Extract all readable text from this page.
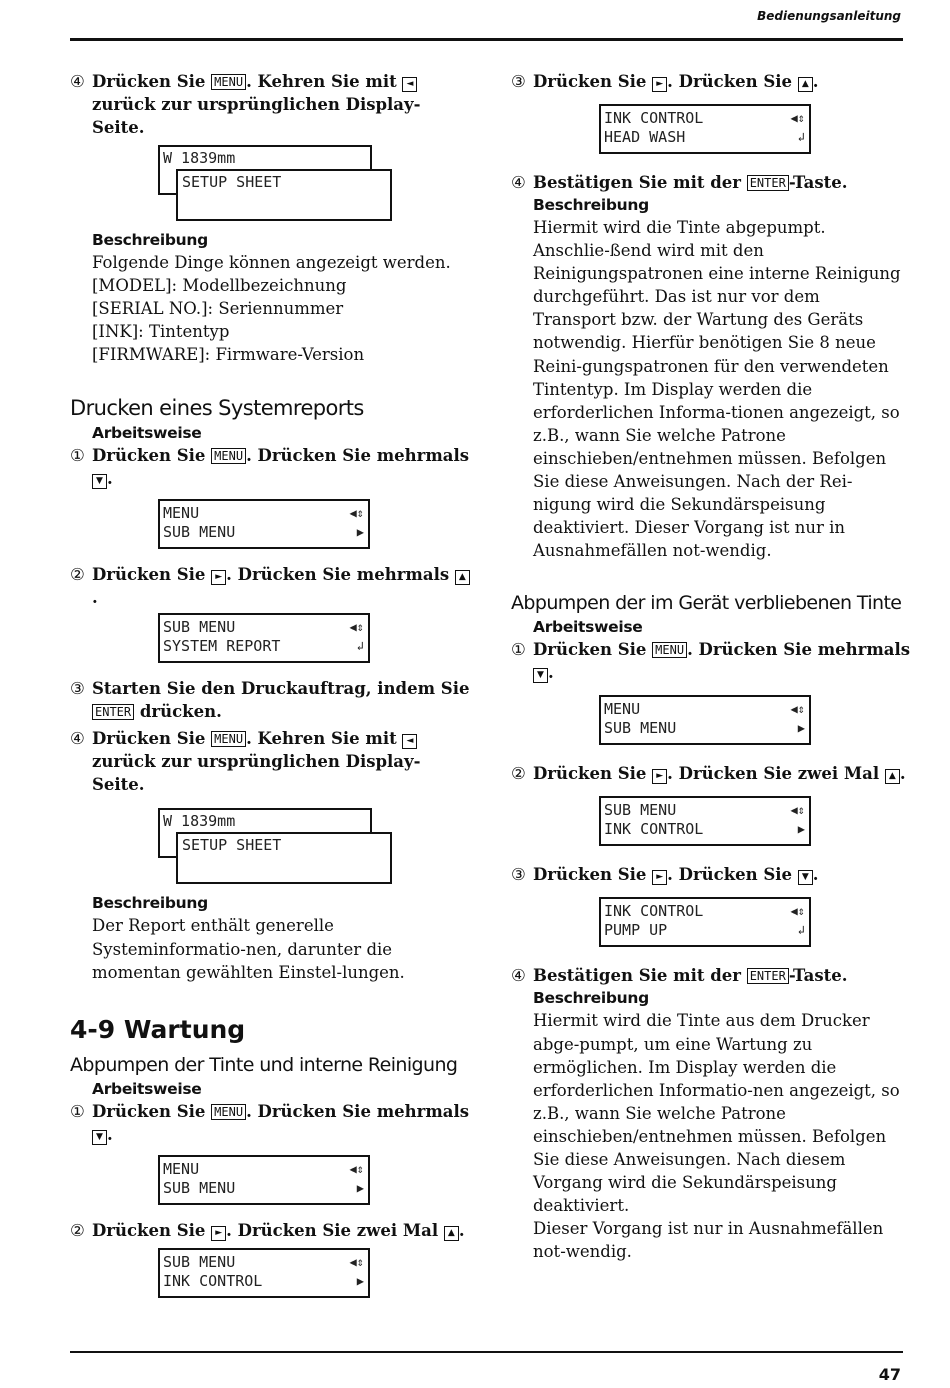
Bedienungsanleitung

④ Drücken Sie MENU . Kehren Sie mit ◄ zurück zur ursprünglichen Display-Seite.

W 1839mm
SETUP SHEET

Beschreibung

Folgende Dinge können angezeigt werden.

[MODEL]: Modellbezeichnung

[SERIAL NO.]: Seriennummer

[INK]: Tintentyp

[FIRMWARE]: Firmware-Version

Drucken eines Systemreports

Arbeitsweise

① Drücken Sie MENU . Drücken Sie mehrmals ▼ .

MENU	◀⇕
SUB MENU	▶

② Drücken Sie ► . Drücken Sie mehrmals ▲.

SUB MENU	◀⇕
SYSTEM REPORT	↲

③ Starten Sie den Druckauftrag, indem Sie ENTER drücken.

④ Drücken Sie MENU . Kehren Sie mit ◄ zurück zur ursprünglichen Display-Seite.

W 1839mm
SETUP SHEET

Beschreibung

Der Report enthält generelle Systeminformatio-nen, darunter die momentan gewählten Einstel-lungen.

4-9 Wartung

Abpumpen der Tinte und interne Reinigung

Arbeitsweise

① Drücken Sie MENU . Drücken Sie mehrmals ▼ .

MENU	◀⇕
SUB MENU	▶

② Drücken Sie ► . Drücken Sie zwei Mal ▲ .

SUB MENU	◀⇕
INK CONTROL	▶

③ Drücken Sie ► . Drücken Sie ▲ .

INK CONTROL	◀⇕
HEAD WASH	↲

④ Bestätigen Sie mit der ENTER -Taste.

Beschreibung

Hiermit wird die Tinte abgepumpt. Anschlie-ßend wird mit den Reinigungspatronen eine interne Reinigung durchgeführt. Das ist nur vor dem Transport bzw. der Wartung des Geräts notwendig. Hierfür benötigen Sie 8 neue Reini-gungspatronen für den verwendeten Tintentyp. Im Display werden die erforderlichen Informa-tionen angezeigt, so z.B., wann Sie welche Patrone einschieben/entnehmen müssen. Befolgen Sie diese Anweisungen. Nach der Rei-nigung wird die Sekundärspeisung deaktiviert. Dieser Vorgang ist nur in Ausnahmefällen not-wendig.

Abpumpen der im Gerät verbliebenen Tinte

Arbeitsweise

① Drücken Sie MENU . Drücken Sie mehrmals ▼ .

MENU	◀⇕
SUB MENU	▶

② Drücken Sie ► . Drücken Sie zwei Mal ▲ .

SUB MENU	◀⇕
INK CONTROL	▶

③ Drücken Sie ► . Drücken Sie ▼ .

INK CONTROL	◀⇕
PUMP UP	↲

④ Bestätigen Sie mit der ENTER -Taste.

Beschreibung

Hiermit wird die Tinte aus dem Drucker abge-pumpt, um eine Wartung zu ermöglichen. Im Display werden die erforderlichen Informatio-nen angezeigt, so z.B., wann Sie welche Patrone einschieben/entnehmen müssen. Befolgen Sie diese Anweisungen. Nach diesem Vorgang wird die Sekundärspeisung deaktiviert.

Dieser Vorgang ist nur in Ausnahmefällen not-wendig.

47
